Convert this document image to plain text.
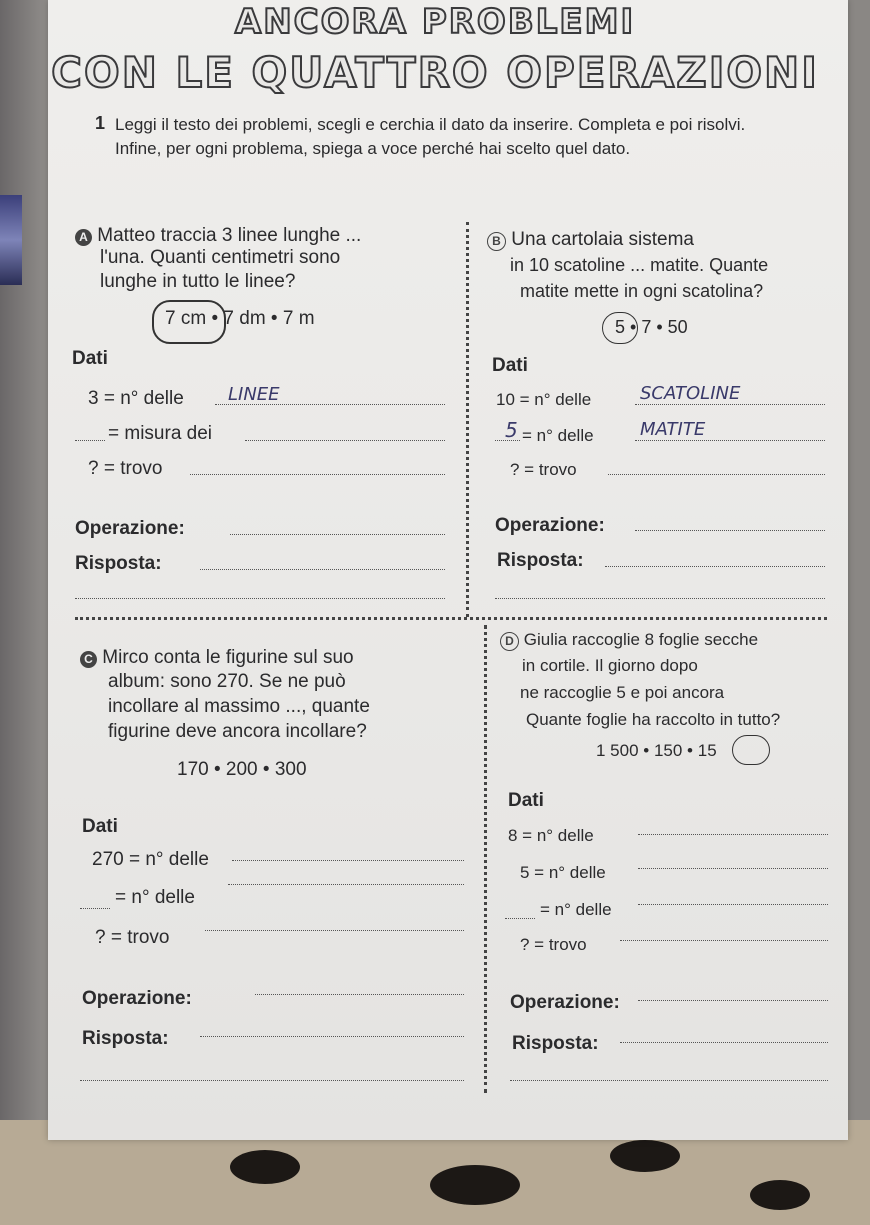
ANCORA PROBLEMI
CON LE QUATTRO OPERAZIONI
1 Leggi il testo dei problemi, scegli e cerchia il dato da inserire. Completa e poi risolvi. Infine, per ogni problema, spiega a voce perché hai scelto quel dato.
A Matteo traccia 3 linee lunghe ...
l'una. Quanti centimetri sono
lunghe in tutto le linee?
7 cm • 7 dm • 7 m
Dati
3 = n° delle LINEE
= misura dei
? = trovo
Operazione:
Risposta:
B Una cartolaia sistema
in 10 scatoline ... matite. Quante
matite mette in ogni scatolina?
5 • 7 • 50
Dati
10 = n° delle	SCATOLINE
5 = n° delle	MATITE
? = trovo
Operazione:
Risposta:
C Mirco conta le figurine sul suo
album: sono 270. Se ne può
incollare al massimo ..., quante
figurine deve ancora incollare?
170 • 200 • 300
Dati
270 = n° delle
= n° delle
? = trovo
Operazione:
Risposta:
D Giulia raccoglie 8 foglie secche
in cortile. Il giorno dopo
ne raccoglie 5 e poi ancora
Quante foglie ha raccolto in tutto?
1 500 • 150 • 15
Dati
8 = n° delle
5 = n° delle
= n° delle
? = trovo
Operazione:
Risposta:
